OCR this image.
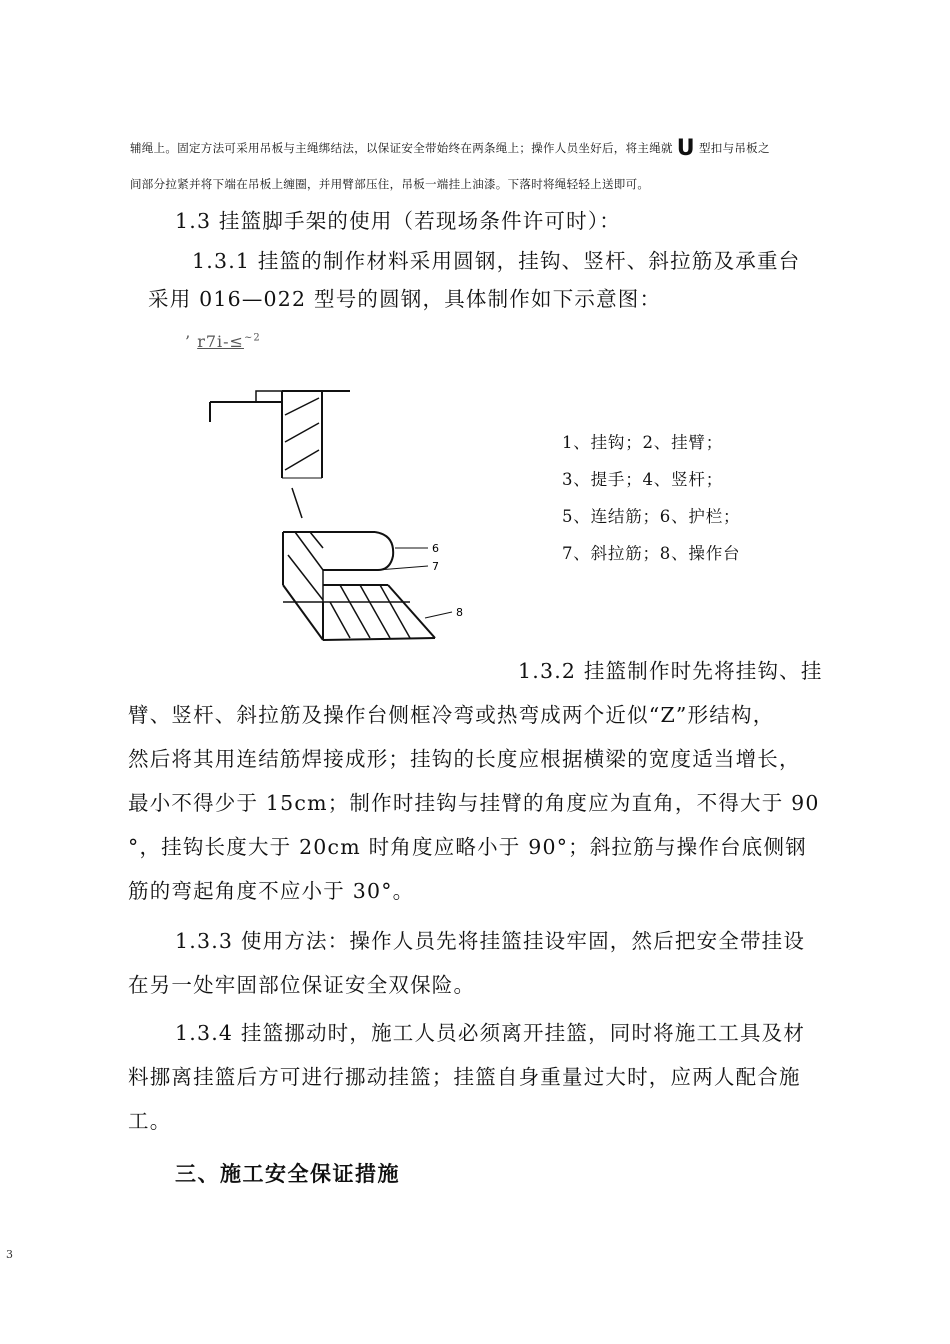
辅绳上。固定方法可采用吊板与主绳绑结法，以保证安全带始终在两条绳上；操作人员坐好后，将主绳就 U 型扣与吊板之
间部分拉紧并将下端在吊板上缠圈，并用臂部压住，吊板一端挂上油漆。下落时将绳轻轻上送即可。
1.3 挂篮脚手架的使用（若现场条件许可时）：
1.3.1 挂篮的制作材料采用圆钢，挂钩、竖杆、斜拉筋及承重台
采用 016—022 型号的圆钢，具体制作如下示意图：
’ r7i-≤$^{\sim 2}$
6
7
8
1、挂钩；2、挂臂；
3、提手；4、竖杆；
5、连结筋；6、护栏；
7、斜拉筋；8、操作台
1.3.2 挂篮制作时先将挂钩、挂
臂、竖杆、斜拉筋及操作台侧框冷弯或热弯成两个近似“Z”形结构，
然后将其用连结筋焊接成形；挂钩的长度应根据横梁的宽度适当增长，
最小不得少于 15cm；制作时挂钩与挂臂的角度应为直角，不得大于 90
°，挂钩长度大于 20cm 时角度应略小于 90°；斜拉筋与操作台底侧钢
筋的弯起角度不应小于 30°。
1.3.3 使用方法：操作人员先将挂篮挂设牢固，然后把安全带挂设
在另一处牢固部位保证安全双保险。
1.3.4 挂篮挪动时，施工人员必须离开挂篮，同时将施工工具及材
料挪离挂篮后方可进行挪动挂篮；挂篮自身重量过大时，应两人配合施
工。
三、施工安全保证措施
3
